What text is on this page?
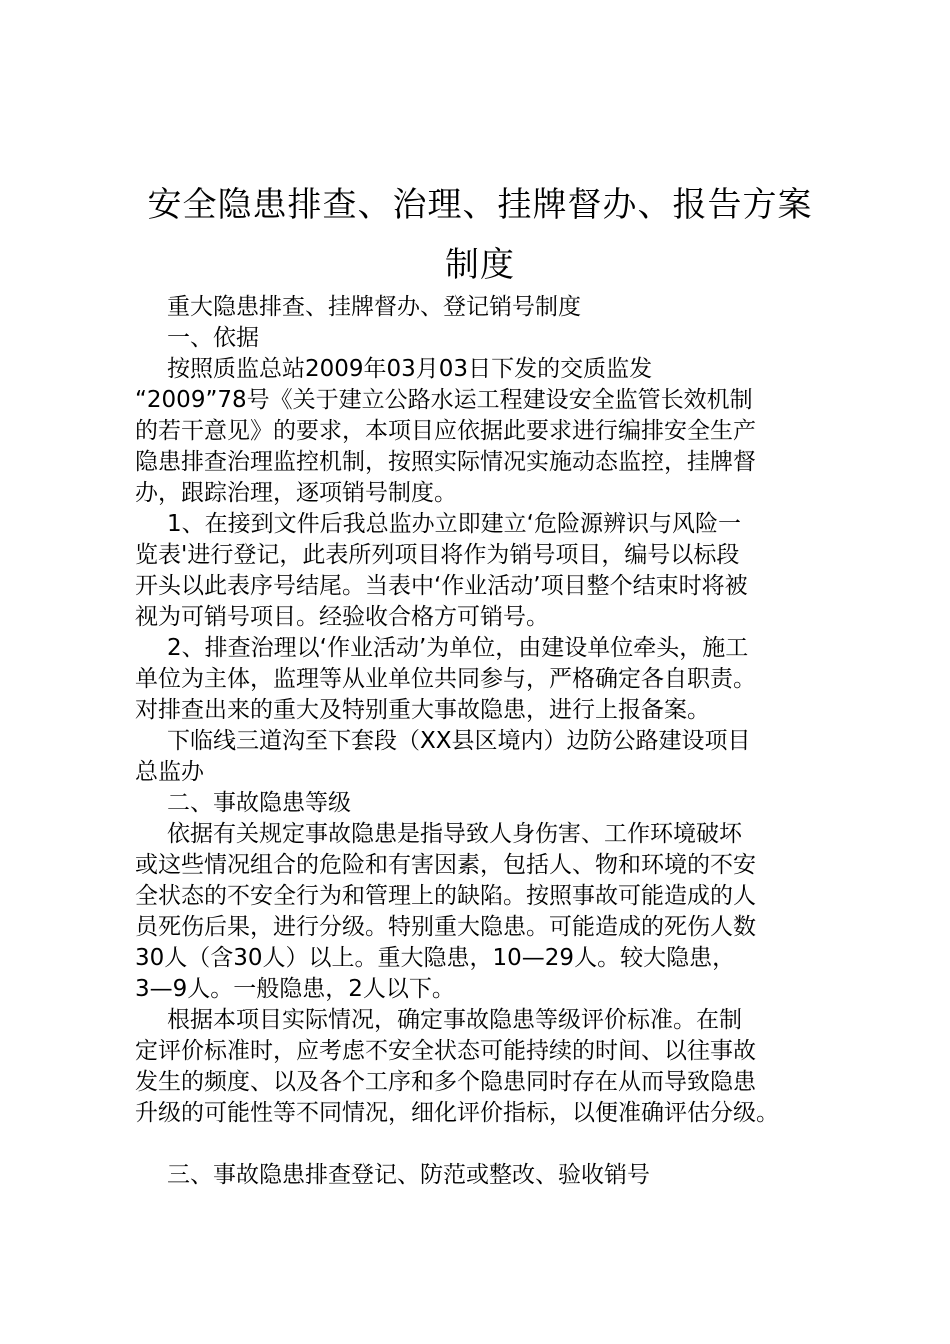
安全隐患排查、治理、挂牌督办、报告方案
制度
重大隐患排查、挂牌督办、登记销号制度
一、依据
按照质监总站2009年03月03日下发的交质监发
“2009”78号《关于建立公路水运工程建设安全监管长效机制
的若干意见》的要求，本项目应依据此要求进行编排安全生产
隐患排查治理监控机制，按照实际情况实施动态监控，挂牌督
办，跟踪治理，逐项销号制度。
1、在接到文件后我总监办立即建立‘危险源辨识与风险一
览表'进行登记，此表所列项目将作为销号项目，编号以标段
开头以此表序号结尾。当表中‘作业活动’项目整个结束时将被
视为可销号项目。经验收合格方可销号。
2、排查治理以‘作业活动’为单位，由建设单位牵头，施工
单位为主体，监理等从业单位共同参与，严格确定各自职责。
对排查出来的重大及特别重大事故隐患，进行上报备案。
下临线三道沟至下套段（XX县区境内）边防公路建设项目
总监办
二、事故隐患等级
依据有关规定事故隐患是指导致人身伤害、工作环境破坏
或这些情况组合的危险和有害因素，包括人、物和环境的不安
全状态的不安全行为和管理上的缺陷。按照事故可能造成的人
员死伤后果，进行分级。特别重大隐患。可能造成的死伤人数
30人（含30人）以上。重大隐患，10—29人。较大隐患，
3—9人。一般隐患，2人以下。
根据本项目实际情况，确定事故隐患等级评价标准。在制
定评价标准时，应考虑不安全状态可能持续的时间、以往事故
发生的频度、以及各个工序和多个隐患同时存在从而导致隐患
升级的可能性等不同情况，细化评价指标，以便准确评估分级。
三、事故隐患排查登记、防范或整改、验收销号
